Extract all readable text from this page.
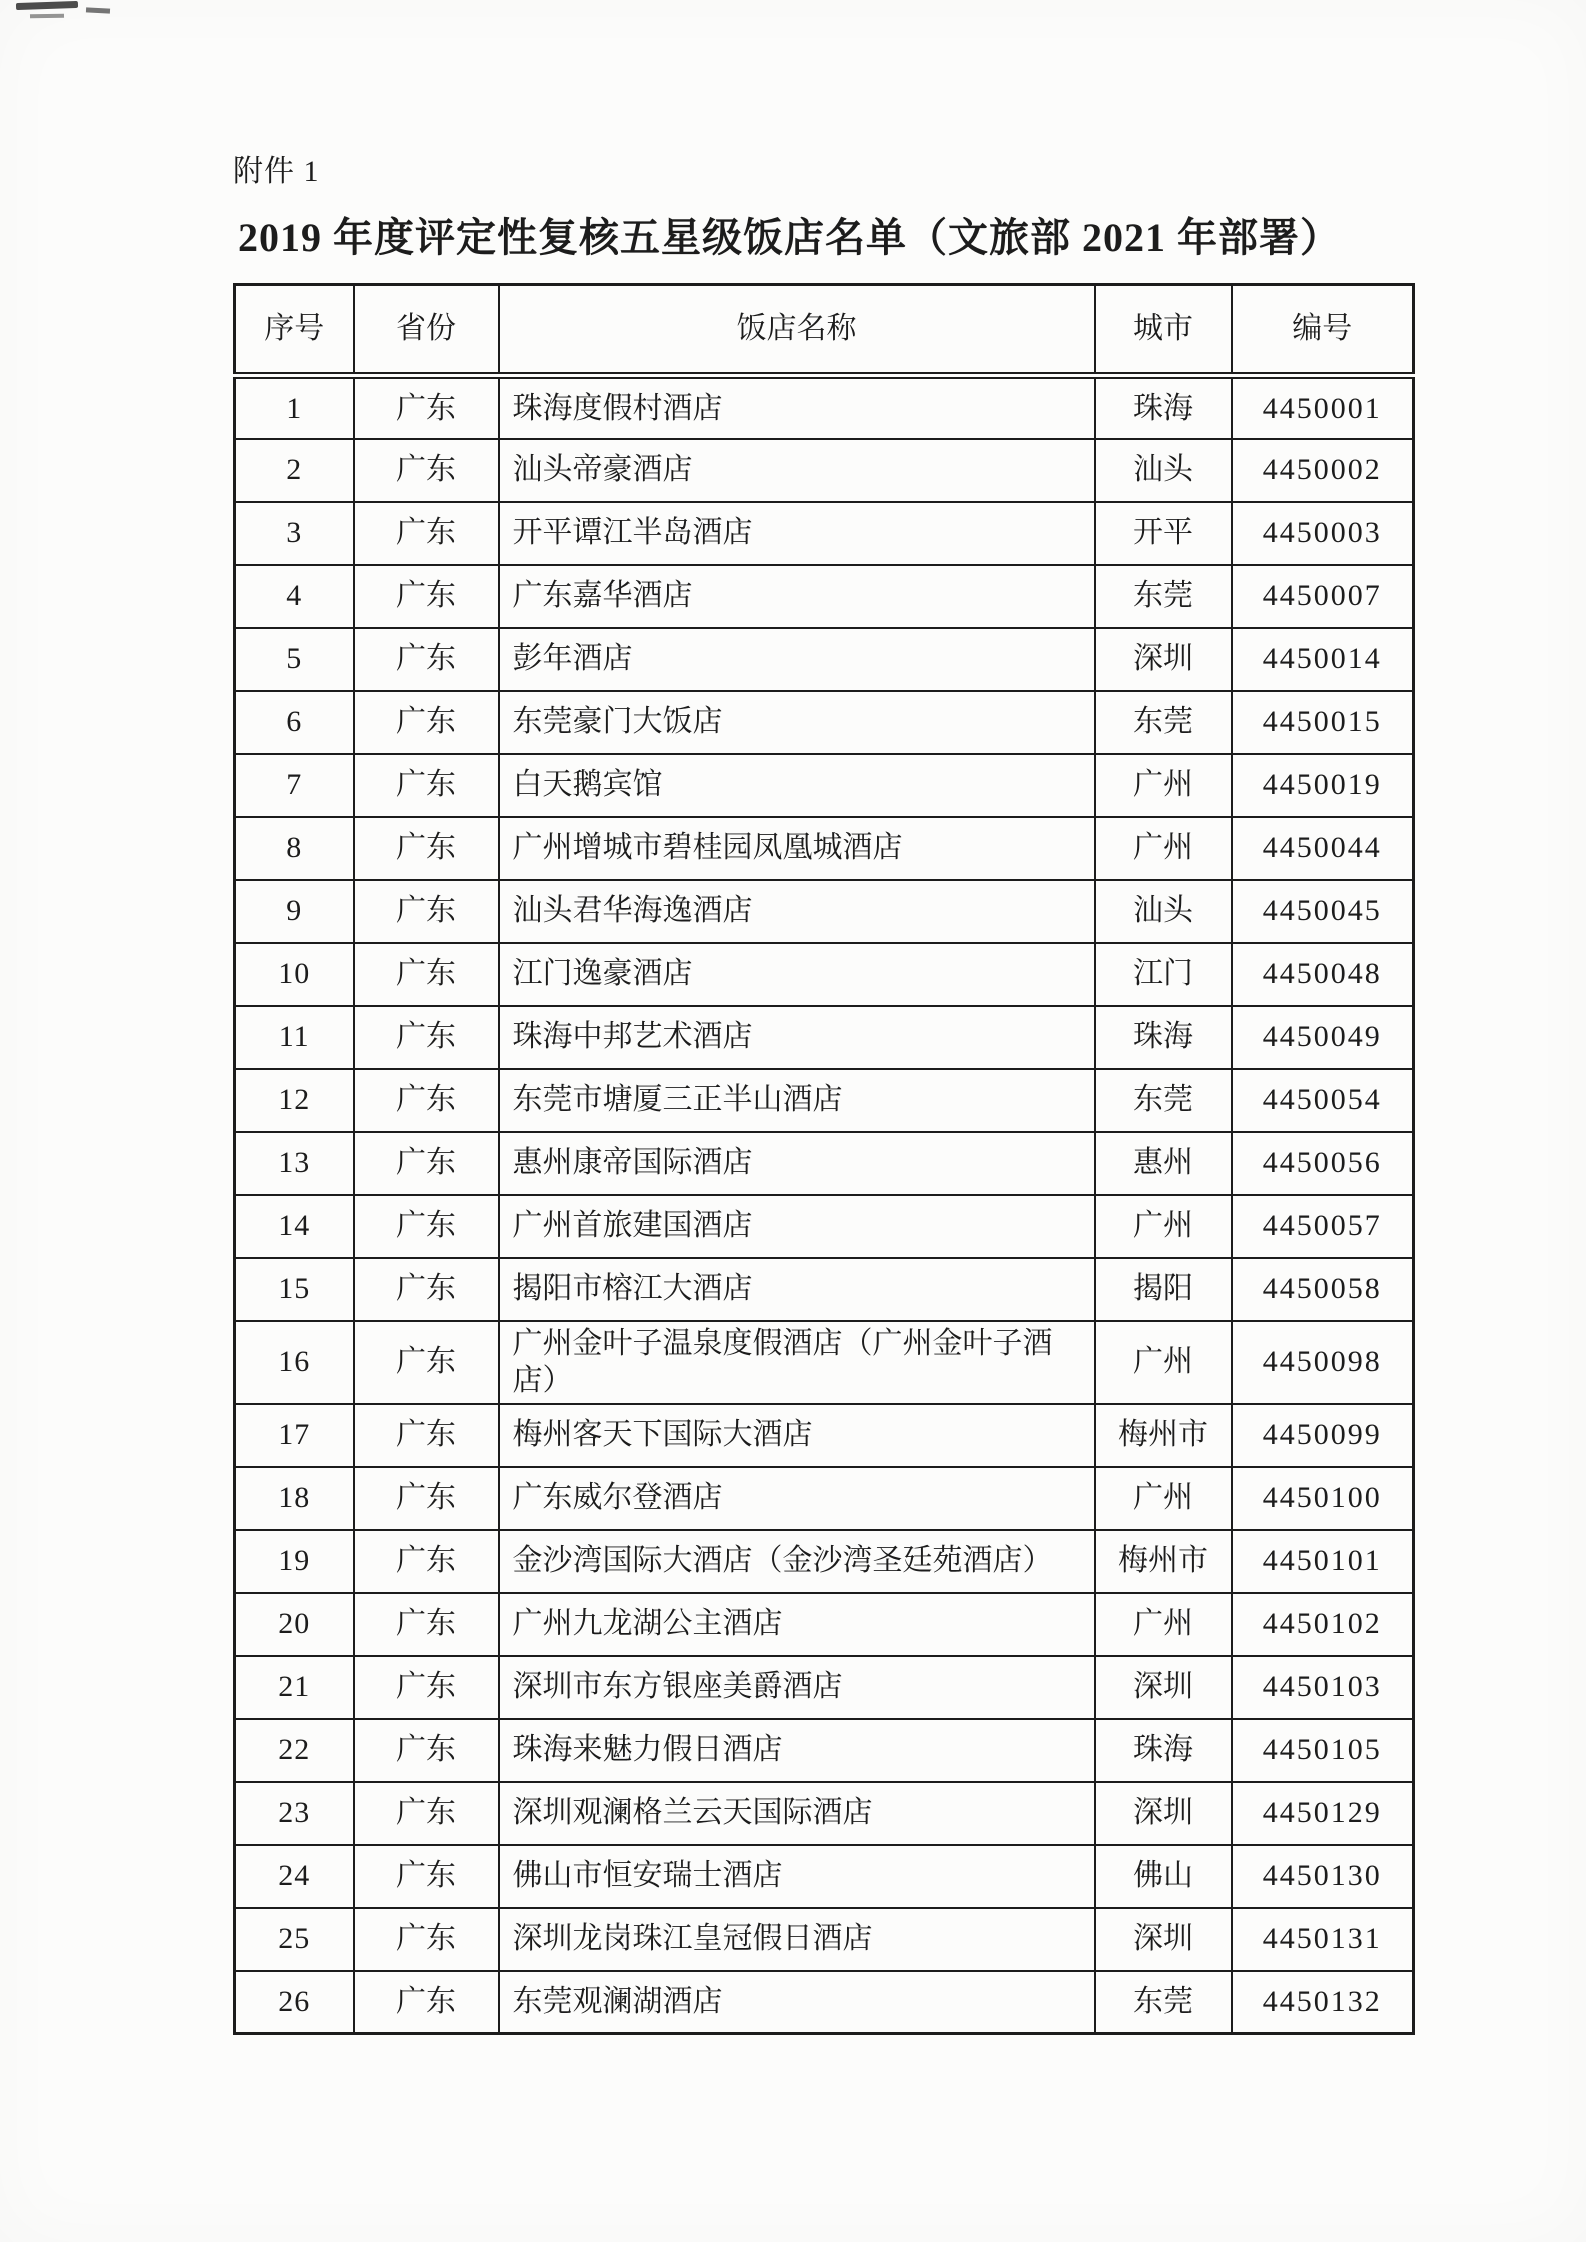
附件 1
2019 年度评定性复核五星级饭店名单（文旅部 2021 年部署）
序号	省份	饭店名称	城市	编号
1	广东	珠海度假村酒店	珠海	4450001
2	广东	汕头帝豪酒店	汕头	4450002
3	广东	开平谭江半岛酒店	开平	4450003
4	广东	广东嘉华酒店	东莞	4450007
5	广东	彭年酒店	深圳	4450014
6	广东	东莞豪门大饭店	东莞	4450015
7	广东	白天鹅宾馆	广州	4450019
8	广东	广州增城市碧桂园凤凰城酒店	广州	4450044
9	广东	汕头君华海逸酒店	汕头	4450045
10	广东	江门逸豪酒店	江门	4450048
11	广东	珠海中邦艺术酒店	珠海	4450049
12	广东	东莞市塘厦三正半山酒店	东莞	4450054
13	广东	惠州康帝国际酒店	惠州	4450056
14	广东	广州首旅建国酒店	广州	4450057
15	广东	揭阳市榕江大酒店	揭阳	4450058
16	广东	广州金叶子温泉度假酒店（广州金叶子酒店）	广州	4450098
17	广东	梅州客天下国际大酒店	梅州市	4450099
18	广东	广东威尔登酒店	广州	4450100
19	广东	金沙湾国际大酒店（金沙湾圣廷苑酒店）	梅州市	4450101
20	广东	广州九龙湖公主酒店	广州	4450102
21	广东	深圳市东方银座美爵酒店	深圳	4450103
22	广东	珠海来魅力假日酒店	珠海	4450105
23	广东	深圳观澜格兰云天国际酒店	深圳	4450129
24	广东	佛山市恒安瑞士酒店	佛山	4450130
25	广东	深圳龙岗珠江皇冠假日酒店	深圳	4450131
26	广东	东莞观澜湖酒店	东莞	4450132
